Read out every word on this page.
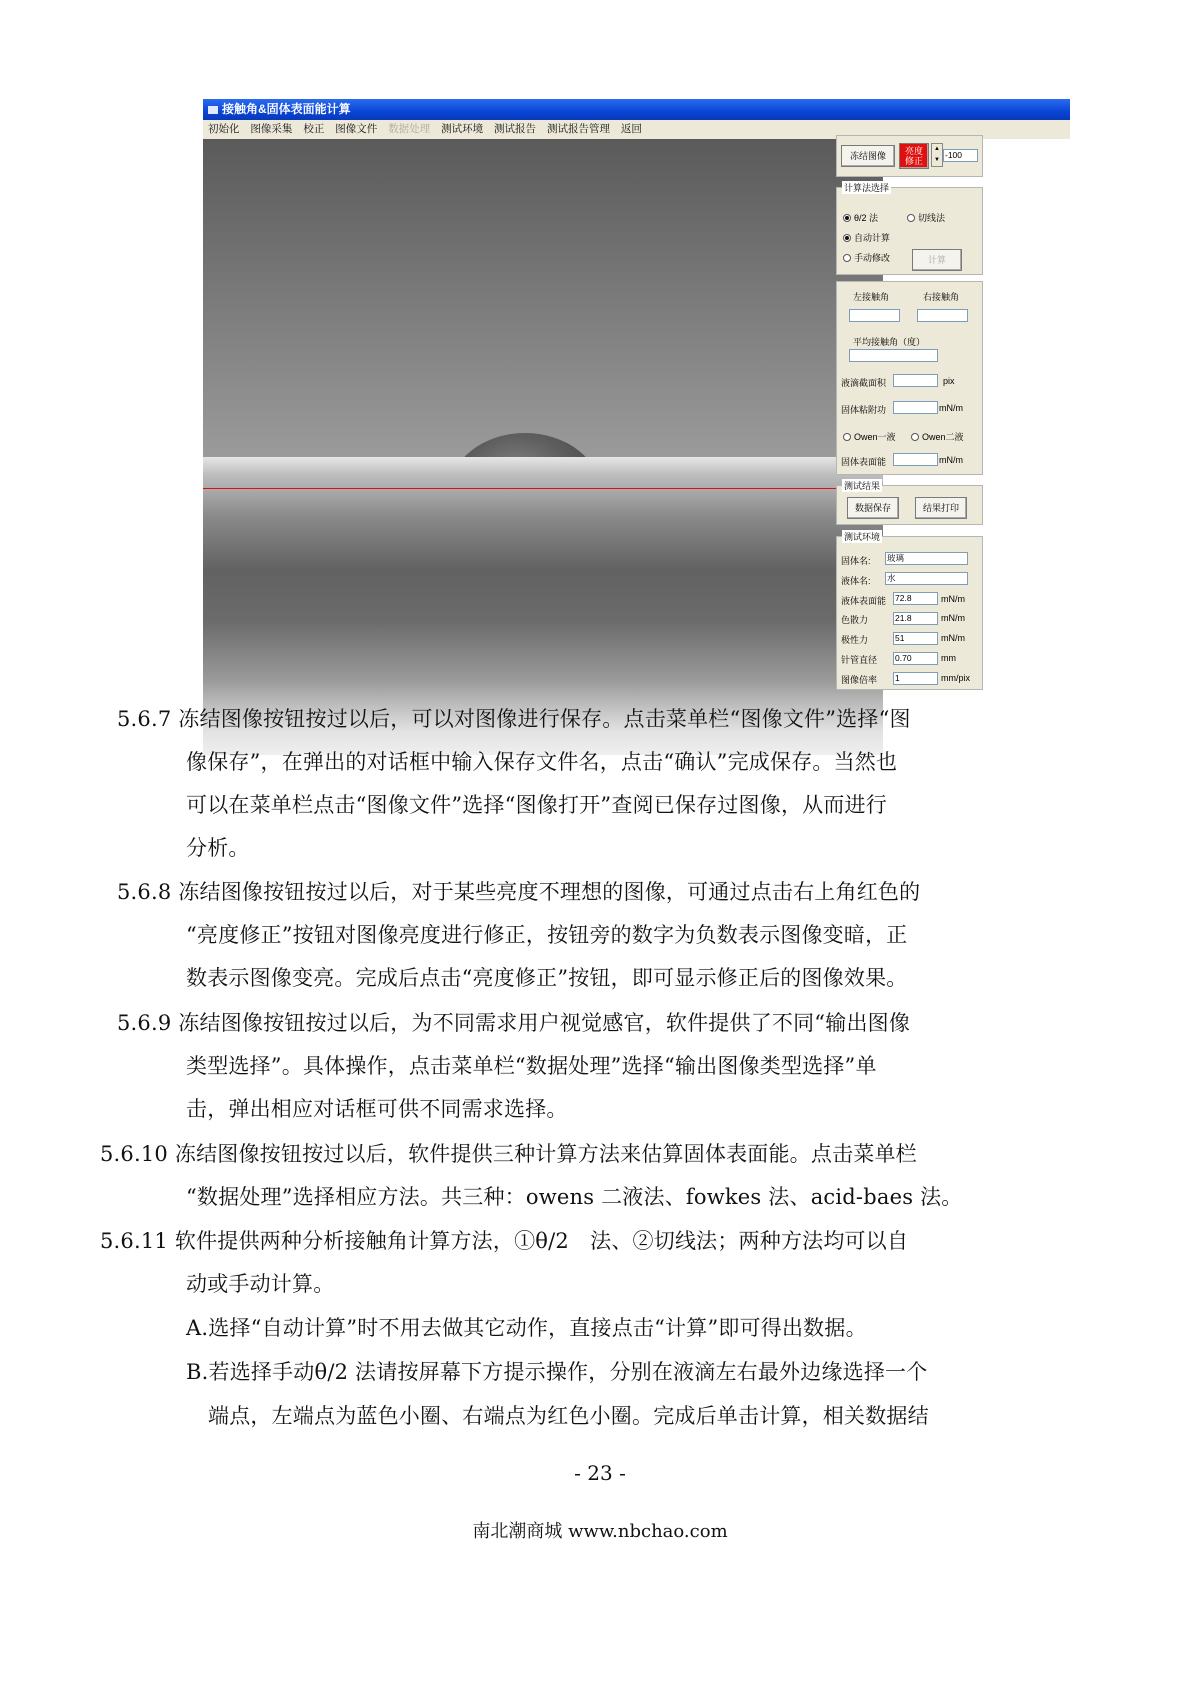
接触角&固体表面能计算
初始化 图像采集 校正 图像文件 数据处理 测试环境 测试报告 测试报告管理 返回
冻结图像	亮度
修正
▲
▼ -100
计算法选择
θ/2 法	切线法
自动计算
手动修改	计算
左接触角	右接触角
平均接触角（度）
液滴截面积	pix
固体粘附功	mN/m
Owen一液	Owen二液
固体表面能	mN/m
测试结果
数据保存	结果打印
测试环境
固体名: 玻璃
液体名: 水
液体表面能 72.8	mN/m
色散力	21.8	mN/m
极性力	51	mN/m
针管直径 0.70	mm
图像倍率 1	mm/pix
5.6.7 冻结图像按钮按过以后，可以对图像进行保存。点击菜单栏“图像文件”选择“图
像保存”，在弹出的对话框中输入保存文件名，点击“确认”完成保存。当然也
可以在菜单栏点击“图像文件”选择“图像打开”查阅已保存过图像，从而进行
分析。
5.6.8 冻结图像按钮按过以后，对于某些亮度不理想的图像，可通过点击右上角红色的
“亮度修正”按钮对图像亮度进行修正，按钮旁的数字为负数表示图像变暗，正
数表示图像变亮。完成后点击“亮度修正”按钮，即可显示修正后的图像效果。
5.6.9 冻结图像按钮按过以后，为不同需求用户视觉感官，软件提供了不同“输出图像
类型选择”。具体操作，点击菜单栏“数据处理”选择“输出图像类型选择”单
击，弹出相应对话框可供不同需求选择。
5.6.10 冻结图像按钮按过以后，软件提供三种计算方法来估算固体表面能。点击菜单栏
“数据处理”选择相应方法。共三种：owens 二液法、fowkes 法、acid-baes 法。
5.6.11 软件提供两种分析接触角计算方法，①θ/2　法、②切线法；两种方法均可以自
动或手动计算。
A.选择“自动计算”时不用去做其它动作，直接点击“计算”即可得出数据。
B.若选择手动θ/2 法请按屏幕下方提示操作，分别在液滴左右最外边缘选择一个
端点，左端点为蓝色小圈、右端点为红色小圈。完成后单击计算，相关数据结
- 23 -
南北潮商城 www.nbchao.com
